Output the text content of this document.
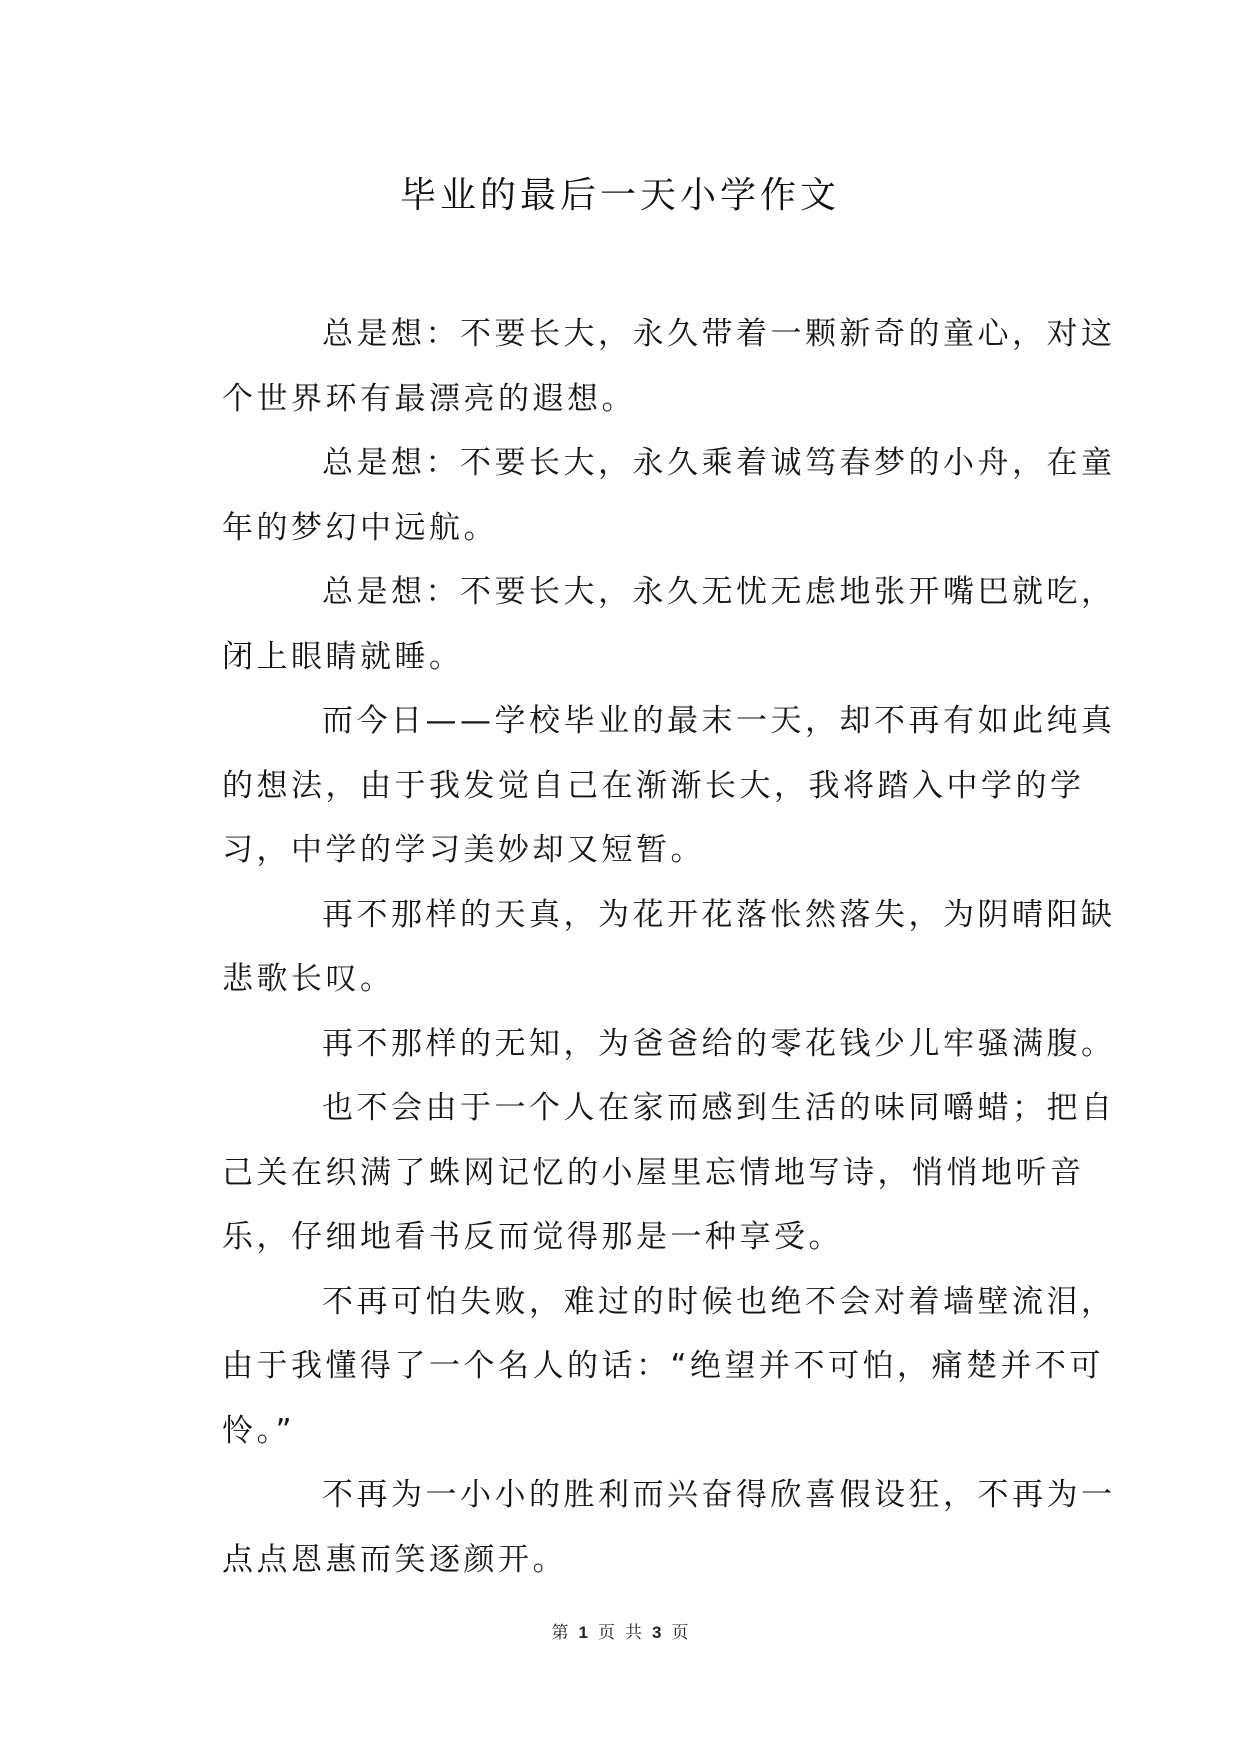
毕业的最后一天小学作文
总是想：不要长大，永久带着一颗新奇的童心，对这
个世界环有最漂亮的遐想。
总是想：不要长大，永久乘着诚笃春梦的小舟，在童
年的梦幻中远航。
总是想：不要长大，永久无忧无虑地张开嘴巴就吃，
闭上眼睛就睡。
而今日——学校毕业的最末一天，却不再有如此纯真
的想法，由于我发觉自己在渐渐长大，我将踏入中学的学
习，中学的学习美妙却又短暂。
再不那样的天真，为花开花落怅然落失，为阴晴阳缺
悲歌长叹。
再不那样的无知，为爸爸给的零花钱少儿牢骚满腹。
也不会由于一个人在家而感到生活的味同嚼蜡；把自
己关在织满了蛛网记忆的小屋里忘情地写诗，悄悄地听音
乐，仔细地看书反而觉得那是一种享受。
不再可怕失败，难过的时候也绝不会对着墙壁流泪，
由于我懂得了一个名人的话：“绝望并不可怕，痛楚并不可
怜。”
不再为一小小的胜利而兴奋得欣喜假设狂，不再为一
点点恩惠而笑逐颜开。
第 1 页 共 3 页
